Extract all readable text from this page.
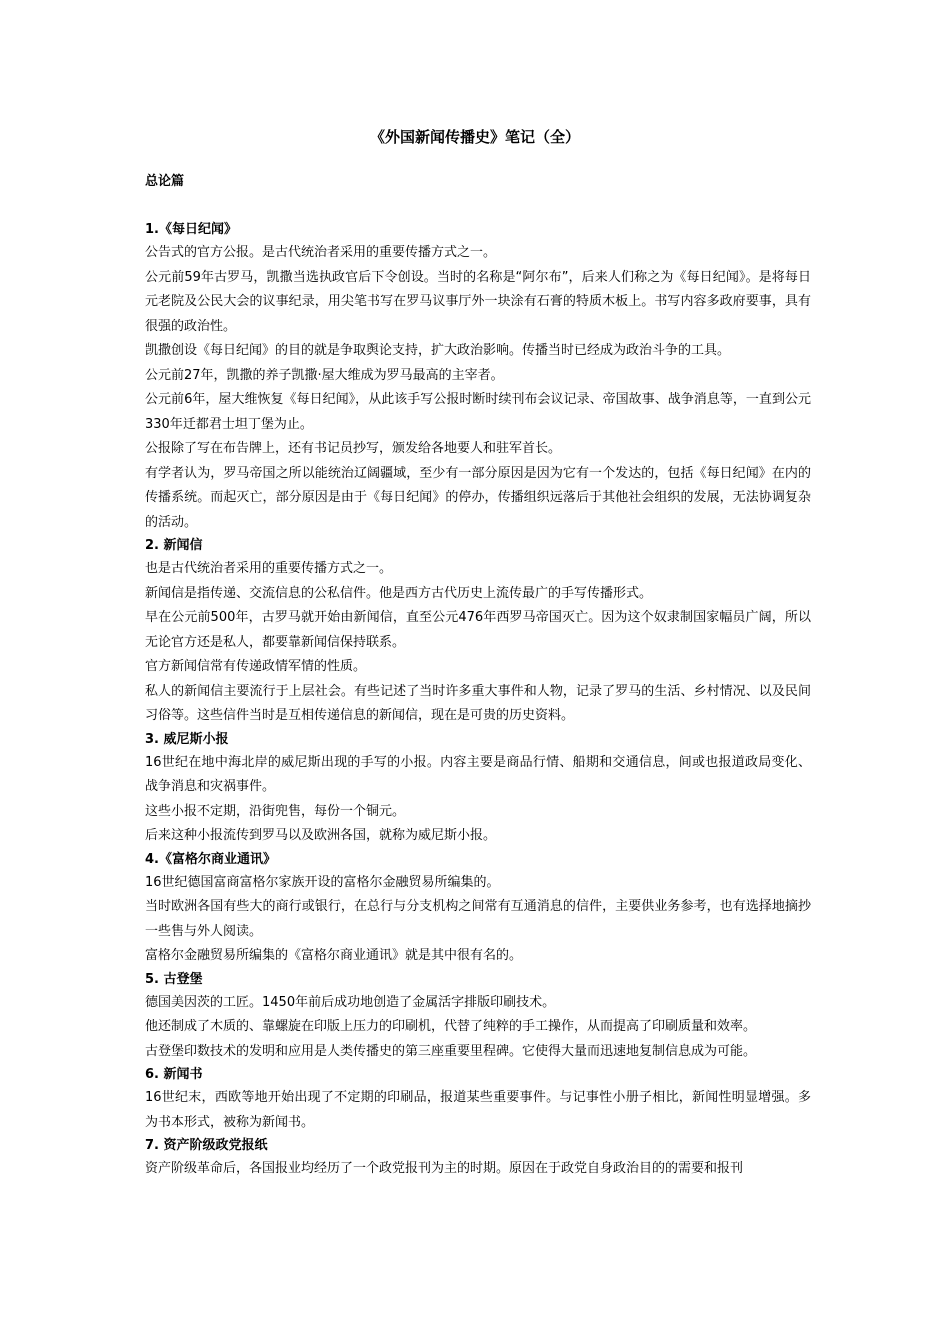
《外国新闻传播史》笔记（全）
总论篇
1.《每日纪闻》

公告式的官方公报。是古代统治者采用的重要传播方式之一。

公元前59年古罗马，凯撒当选执政官后下令创设。当时的名称是“阿尔布”，后来人们称之为《每日纪闻》。是将每日元老院及公民大会的议事纪录，用尖笔书写在罗马议事厅外一块涂有石膏的特质木板上。书写内容多政府要事，具有很强的政治性。

凯撒创设《每日纪闻》的目的就是争取舆论支持，扩大政治影响。传播当时已经成为政治斗争的工具。

公元前27年，凯撒的养子凯撒·屋大维成为罗马最高的主宰者。

公元前6年，屋大维恢复《每日纪闻》，从此该手写公报时断时续刊布会议记录、帝国故事、战争消息等，一直到公元330年迁都君士坦丁堡为止。

公报除了写在布告牌上，还有书记员抄写，颁发给各地要人和驻军首长。

有学者认为，罗马帝国之所以能统治辽阔疆域，至少有一部分原因是因为它有一个发达的，包括《每日纪闻》在内的传播系统。而起灭亡，部分原因是由于《每日纪闻》的停办，传播组织远落后于其他社会组织的发展，无法协调复杂的活动。

2. 新闻信

也是古代统治者采用的重要传播方式之一。

新闻信是指传递、交流信息的公私信件。他是西方古代历史上流传最广的手写传播形式。

早在公元前500年，古罗马就开始由新闻信，直至公元476年西罗马帝国灭亡。因为这个奴隶制国家幅员广阔，所以无论官方还是私人，都要靠新闻信保持联系。

官方新闻信常有传递政情军情的性质。

私人的新闻信主要流行于上层社会。有些记述了当时许多重大事件和人物，记录了罗马的生活、乡村情况、以及民间习俗等。这些信件当时是互相传递信息的新闻信，现在是可贵的历史资料。

3. 威尼斯小报

16世纪在地中海北岸的威尼斯出现的手写的小报。内容主要是商品行情、船期和交通信息，间或也报道政局变化、战争消息和灾祸事件。

这些小报不定期，沿街兜售，每份一个铜元。

后来这种小报流传到罗马以及欧洲各国，就称为威尼斯小报。

4.《富格尔商业通讯》

16世纪德国富商富格尔家族开设的富格尔金融贸易所编集的。

当时欧洲各国有些大的商行或银行，在总行与分支机构之间常有互通消息的信件，主要供业务参考，也有选择地摘抄一些售与外人阅读。

富格尔金融贸易所编集的《富格尔商业通讯》就是其中很有名的。

5. 古登堡

德国美因茨的工匠。1450年前后成功地创造了金属活字排版印刷技术。

他还制成了木质的、靠螺旋在印版上压力的印刷机，代替了纯粹的手工操作，从而提高了印刷质量和效率。

古登堡印数技术的发明和应用是人类传播史的第三座重要里程碑。它使得大量而迅速地复制信息成为可能。

6. 新闻书

16世纪末，西欧等地开始出现了不定期的印刷品，报道某些重要事件。与记事性小册子相比，新闻性明显增强。多为书本形式，被称为新闻书。

7. 资产阶级政党报纸

资产阶级革命后，各国报业均经历了一个政党报刊为主的时期。原因在于政党自身政治目的的需要和报刊
